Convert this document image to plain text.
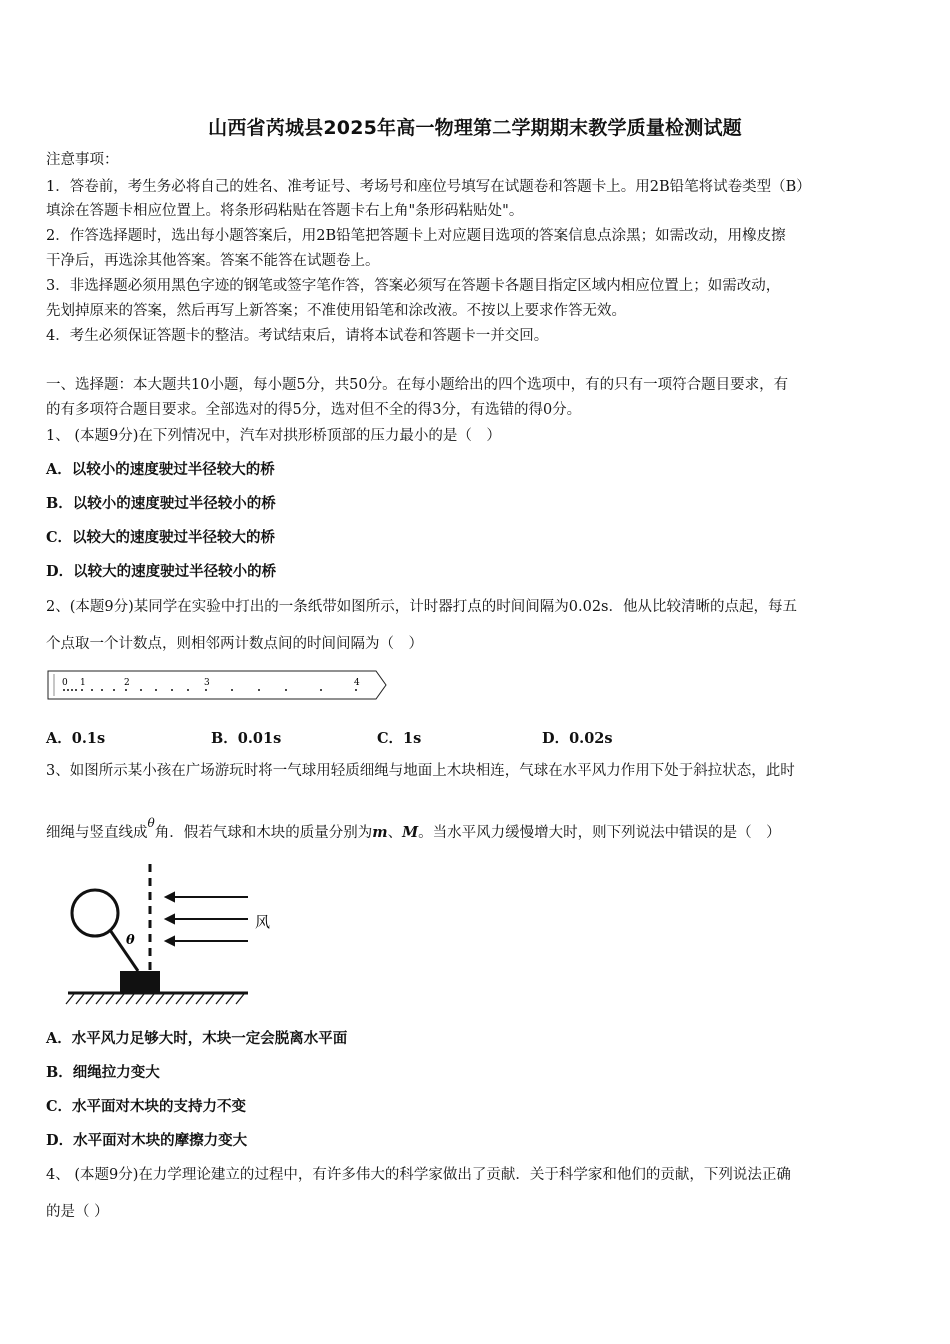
山西省芮城县2025年高一物理第二学期期末教学质量检测试题
注意事项：
1．答卷前，考生务必将自己的姓名、准考证号、考场号和座位号填写在试题卷和答题卡上。用2B铅笔将试卷类型（B）
填涂在答题卡相应位置上。将条形码粘贴在答题卡右上角"条形码粘贴处"。
2．作答选择题时，选出每小题答案后，用2B铅笔把答题卡上对应题目选项的答案信息点涂黑；如需改动，用橡皮擦
干净后，再选涂其他答案。答案不能答在试题卷上。
3．非选择题必须用黑色字迹的钢笔或签字笔作答，答案必须写在答题卡各题目指定区域内相应位置上；如需改动，
先划掉原来的答案，然后再写上新答案；不准使用铅笔和涂改液。不按以上要求作答无效。
4．考生必须保证答题卡的整洁。考试结束后，请将本试卷和答题卡一并交回。
一、选择题：本大题共10小题，每小题5分，共50分。在每小题给出的四个选项中，有的只有一项符合题目要求，有
的有多项符合题目要求。全部选对的得5分，选对但不全的得3分，有选错的得0分。
1、 (本题9分)在下列情况中，汽车对拱形桥顶部的压力最小的是（　）
A．以较小的速度驶过半径较大的桥
B．以较小的速度驶过半径较小的桥
C．以较大的速度驶过半径较大的桥
D．以较大的速度驶过半径较小的桥
2、(本题9分)某同学在实验中打出的一条纸带如图所示，计时器打点的时间间隔为0.02s．他从比较清晰的点起，每五
个点取一个计数点，则相邻两计数点间的时间间隔为（　）
0 1	2	3	4
A．0.1s	B．0.01s	C．1s	D．0.02s
3、如图所示某小孩在广场游玩时将一气球用轻质细绳与地面上木块相连，气球在水平风力作用下处于斜拉状态，此时
细绳与竖直线成$^\theta$角．假若气球和木块的质量分别为m、M。当水平风力缓慢增大时，则下列说法中错误的是（　）
θ
风
A．水平风力足够大时，木块一定会脱离水平面
B．细绳拉力变大
C．水平面对木块的支持力不变
D．水平面对木块的摩擦力变大
4、 (本题9分)在力学理论建立的过程中，有许多伟大的科学家做出了贡献．关于科学家和他们的贡献，下列说法正确
的是（ ）
